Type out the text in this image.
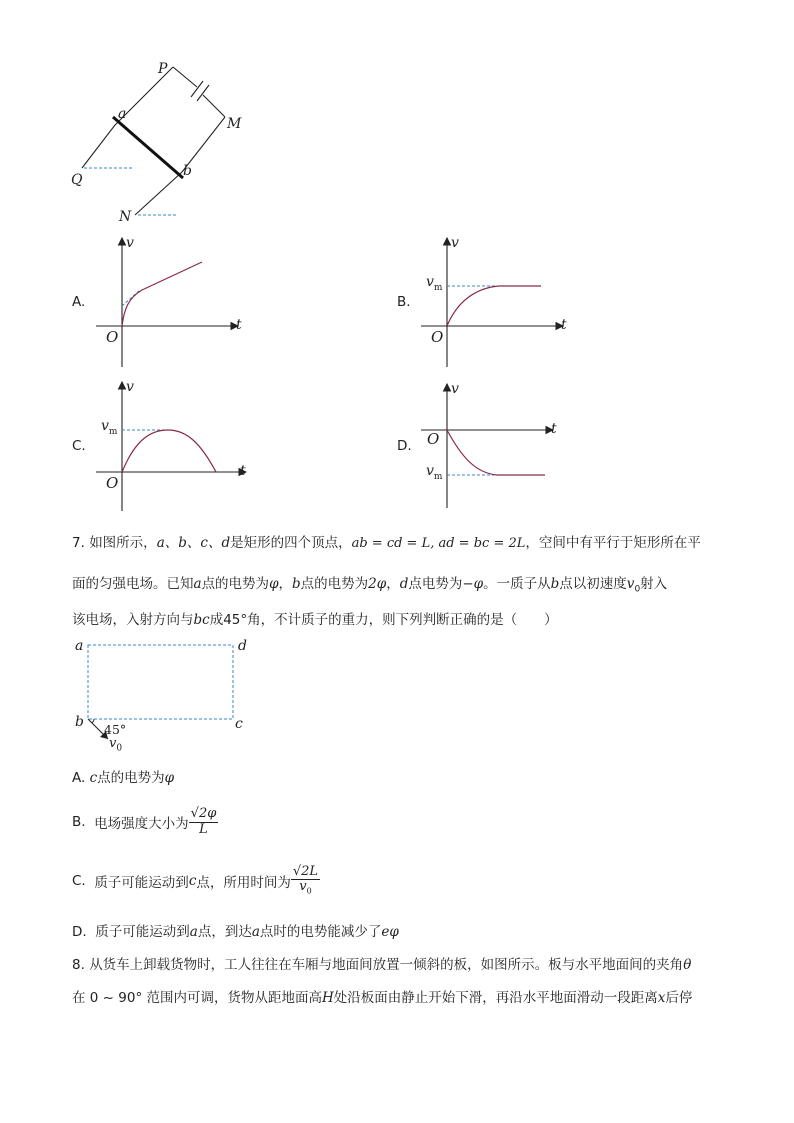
P
M
a
b
Q
N
A.
v
t
O
B.
v
t
O
$v_m$
C.
v
t
O
$v_m$
D.
v
t
O
$v_m$
7. 如图所示，a、b、c、d是矩形的四个顶点，ab = cd = L, ad = bc = 2L，空间中有平行于矩形所在平
面的匀强电场。已知a点的电势为φ，b点的电势为2φ，d点电势为−φ。一质子从b点以初速度$v_0$射入
该电场，入射方向与bc成45°角，不计质子的重力，则下列判断正确的是（　　）
a	d
b	c
45°
$v_0$
A. c点的电势为φ
B.
电场强度大小为 $\frac{√2\varphi}{L}$
C.
质子可能运动到 c 点，所用时间为 $\frac{√2L}{v_0}$
D. 质子可能运动到a点，到达a点时的电势能减少了eφ
8. 从货车上卸载货物时，工人往往在车厢与地面间放置一倾斜的板，如图所示。板与水平地面间的夹角θ
在 0 ~ 90° 范围内可调，货物从距地面高H处沿板面由静止开始下滑，再沿水平地面滑动一段距离x后停
